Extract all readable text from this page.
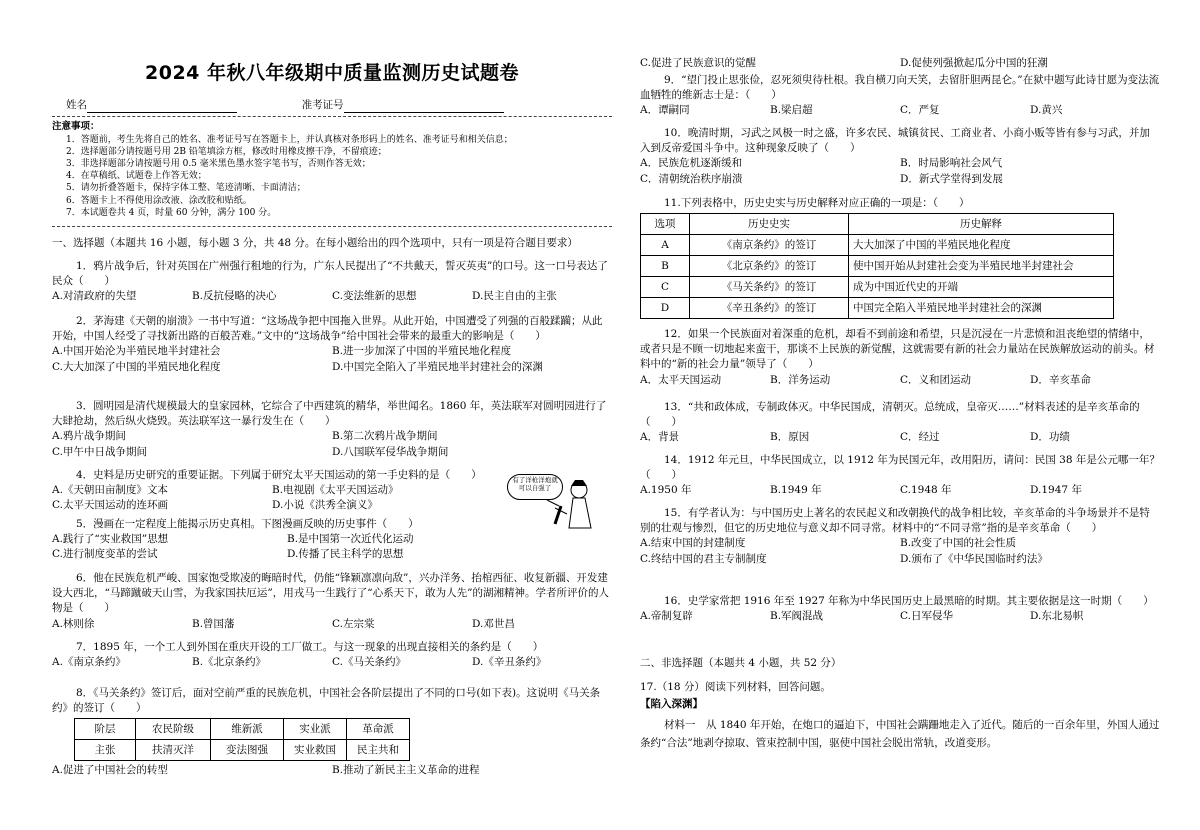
2024 年秋八年级期中质量监测历史试题卷
姓名	准考证号
注意事项：

1．答题前，考生先将自己的姓名、准考证号写在答题卡上，并认真核对条形码上的姓名、准考证号和相关信息；

2．选择题部分请按题号用 2B 铅笔填涂方框，修改时用橡皮擦干净，不留痕迹；

3．非选择题部分请按题号用 0.5 毫米黑色墨水签字笔书写，否则作答无效；

4．在草稿纸、试题卷上作答无效；

5．请勿折叠答题卡，保持字体工整、笔迹清晰、卡面清洁；

6．答题卡上不得使用涂改液、涂改胶和贴纸。

7．本试题卷共 4 页，时量 60 分钟，满分 100 分。

一、选择题（本题共 16 小题，每小题 3 分，共 48 分。在每小题给出的四个选项中，只有一项是符合题目要求）

1．鸦片战争后，针对英国在广州强行租地的行为，广东人民提出了“不共戴天，誓灭英夷”的口号。这一口号表达了民众（　　）

A.对清政府的失望	B.反抗侵略的决心	C.变法维新的思想	D.民主自由的主张

2．茅海建《天朝的崩溃》一书中写道：“这场战争把中国拖入世界。从此开始，中国遭受了列强的百般蹂躏；从此开始，中国人经受了寻找新出路的百般苦难。”文中的“这场战争”给中国社会带来的最重大的影响是（　　）

A.中国开始沦为半殖民地半封建社会	B.进一步加深了中国的半殖民地化程度
C.大大加深了中国的半殖民地化程度	D.中国完全陷入了半殖民地半封建社会的深渊

3．圆明园是清代规模最大的皇家园林，它综合了中西建筑的精华，举世闻名。1860 年，英法联军对圆明园进行了大肆抢劫，然后纵火烧毁。英法联军这一暴行发生在（　　）

A.鸦片战争期间	B.第二次鸦片战争期间
C.甲午中日战争期间	D.八国联军侵华战争期间

4．史料是历史研究的重要证据。下列属于研究太平天国运动的第一手史料的是（　　）

A.《天朝田亩制度》文本	B.电视剧《太平天国运动》
C.太平天国运动的连环画	D.小说《洪秀全演义》
有了洋枪洋炮就可以自强了

5．漫画在一定程度上能揭示历史真相。下图漫画反映的历史事件（　　）

A.践行了“实业救国”思想	B.是中国第一次近代化运动
C.进行制度变革的尝试	D.传播了民主科学的思想

6．他在民族危机严峻、国家饱受欺凌的晦暗时代，仍能“锋颖凛凛向敌”，兴办洋务、抬棺西征、收复新疆、开发建设大西北，“马蹄蹴破天山雪，为我家国扶厄运”，用戎马一生践行了“心系天下，敢为人先”的湖湘精神。学者所评价的人物是（　　）

A.林则徐	B.曾国藩	C.左宗棠	D.邓世昌

7．1895 年，一个工人到外国在重庆开设的工厂做工。与这一现象的出现直接相关的条约是（　　）

A.《南京条约》	B.《北京条约》	C.《马关条约》	D.《辛丑条约》

8．《马关条约》签订后，面对空前严重的民族危机，中国社会各阶层提出了不同的口号(如下表)。这说明《马关条约》的签订（　　）

阶层	农民阶级	维新派	实业派	革命派
主张	扶清灭洋	变法图强	实业救国	民主共和
A.促进了中国社会的转型	B.推动了新民主主义革命的进程
C.促进了民族意识的觉醒	D.促使列强掀起瓜分中国的狂潮

9．“望门投止思张俭，忍死须臾待杜根。我自横刀向天笑，去留肝胆两昆仑。”在狱中题写此诗甘愿为变法流血牺牲的维新志士是：（　　）

A．谭嗣同	B.梁启超	C．严复	D.黄兴

10．晚清时期，习武之风极一时之盛，许多农民、城镇贫民、工商业者、小商小贩等皆有参与习武，并加入到反帝爱国斗争中。这种现象反映了（　　）

A．民族危机逐渐缓和	B．时局影响社会风气
C．清朝统治秩序崩溃	D．新式学堂得到发展

11.下列表格中，历史史实与历史解释对应正确的一项是：（　　）

选项	历史史实	历史解释
A	《南京条约》的签订	大大加深了中国的半殖民地化程度
B	《北京条约》的签订	使中国开始从封建社会变为半殖民地半封建社会
C	《马关条约》的签订	成为中国近代史的开端
D	《辛丑条约》的签订	中国完全陷入半殖民地半封建社会的深渊

12．如果一个民族面对着深重的危机，却看不到前途和希望，只是沉浸在一片悲愤和沮丧绝望的情绪中，或者只是不顾一切地起来蛮干，那谈不上民族的新觉醒，这就需要有新的社会力量站在民族解放运动的前头。材料中的“新的社会力量”领导了（　　）

A．太平天国运动	B．洋务运动	C．义和团运动	D．辛亥革命

13．“共和政体成，专制政体灭。中华民国成，清朝灭。总统成，皇帝灭……”材料表述的是辛亥革命的（　　）

A．背景	B．原因	C．经过	D．功绩

14．1912 年元旦，中华民国成立，以 1912 年为民国元年，改用阳历，请问：民国 38 年是公元哪一年？（　　）

A.1950 年	B.1949 年	C.1948 年	D.1947 年

15．有学者认为：与中国历史上著名的农民起义和改朝换代的战争相比较，辛亥革命的斗争场景并不是特别的壮观与惨烈，但它的历史地位与意义却不同寻常。材料中的“不同寻常”指的是辛亥革命（　　）

A.结束中国的封建制度	B.改变了中国的社会性质
C.终结中国的君主专制制度	D.颁布了《中华民国临时约法》

16．史学家常把 1916 年至 1927 年称为中华民国历史上最黑暗的时期。其主要依据是这一时期（　　）

A.帝制复辟	B.军阀混战	C.日军侵华	D.东北易帜
二、非选择题（本题共 4 小题，共 52 分）
17.（18 分）阅读下列材料，回答问题。
【陷入深渊】

材料一　从 1840 年开始，在炮口的逼迫下，中国社会蹒跚地走入了近代。随后的一百余年里，外国人通过条约“合法”地剥夺掠取、管束控制中国，驱使中国社会脱出常轨，改道变形。
